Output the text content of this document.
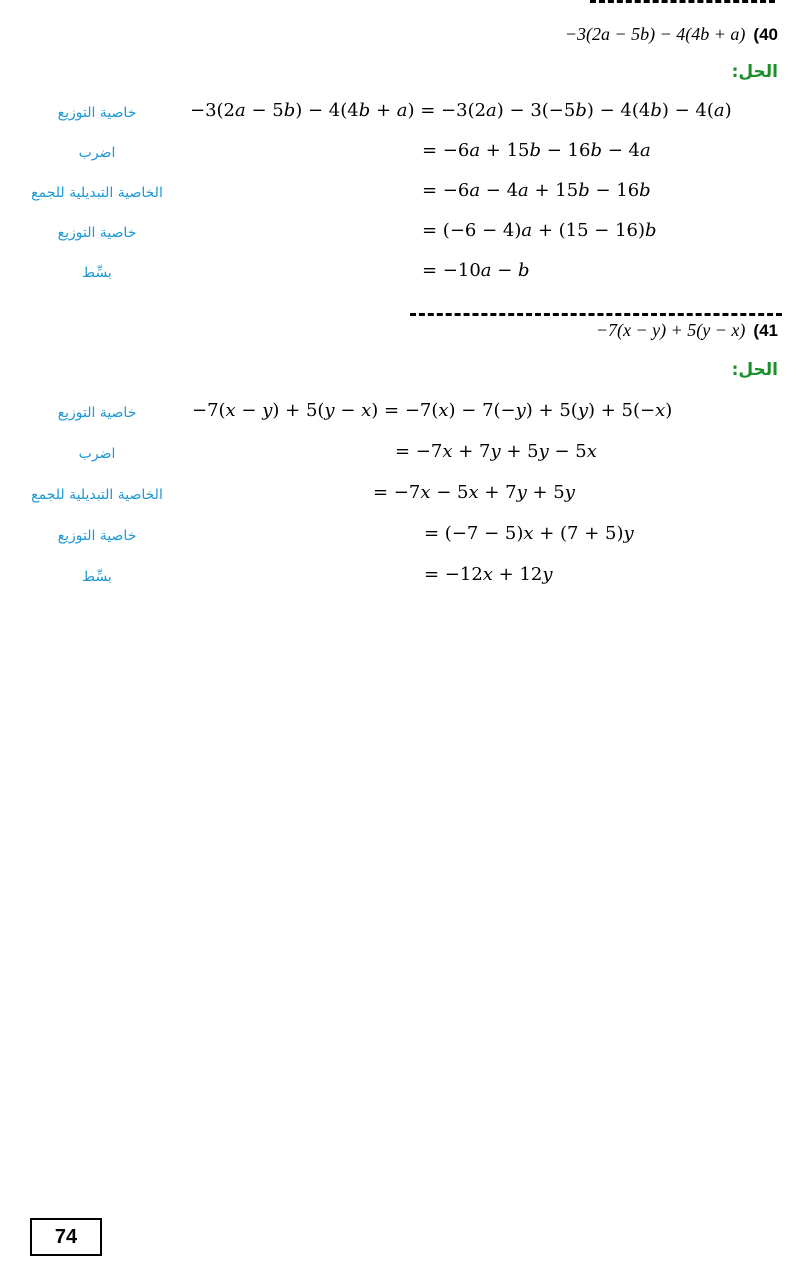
−3(2a − 5b) − 4(4b + a) (40
الحل:
خاصية التوزيع	−3(2𝑎 − 5𝑏) − 4(4𝑏 + 𝑎) = −3(2𝑎) − 3(−5𝑏) − 4(4𝑏) − 4(𝑎)
اضرب	= −6𝑎 + 15𝑏 − 16𝑏 − 4𝑎
الخاصية التبديلية للجمع	= −6𝑎 − 4𝑎 + 15𝑏 − 16𝑏
خاصية التوزيع	= (−6 − 4)𝑎 + (15 − 16)𝑏
بسِّط	= −10𝑎 − 𝑏
−7(x − y) + 5(y − x) (41
الحل:
خاصية التوزيع	−7(𝑥 − 𝑦) + 5(𝑦 − 𝑥) = −7(𝑥) − 7(−𝑦) + 5(𝑦) + 5(−𝑥)
اضرب	= −7𝑥 + 7𝑦 + 5𝑦 − 5𝑥
الخاصية التبديلية للجمع	= −7𝑥 − 5𝑥 + 7𝑦 + 5𝑦
خاصية التوزيع	= (−7 − 5)𝑥 + (7 + 5)𝑦
بسِّط	= −12𝑥 + 12𝑦
74
